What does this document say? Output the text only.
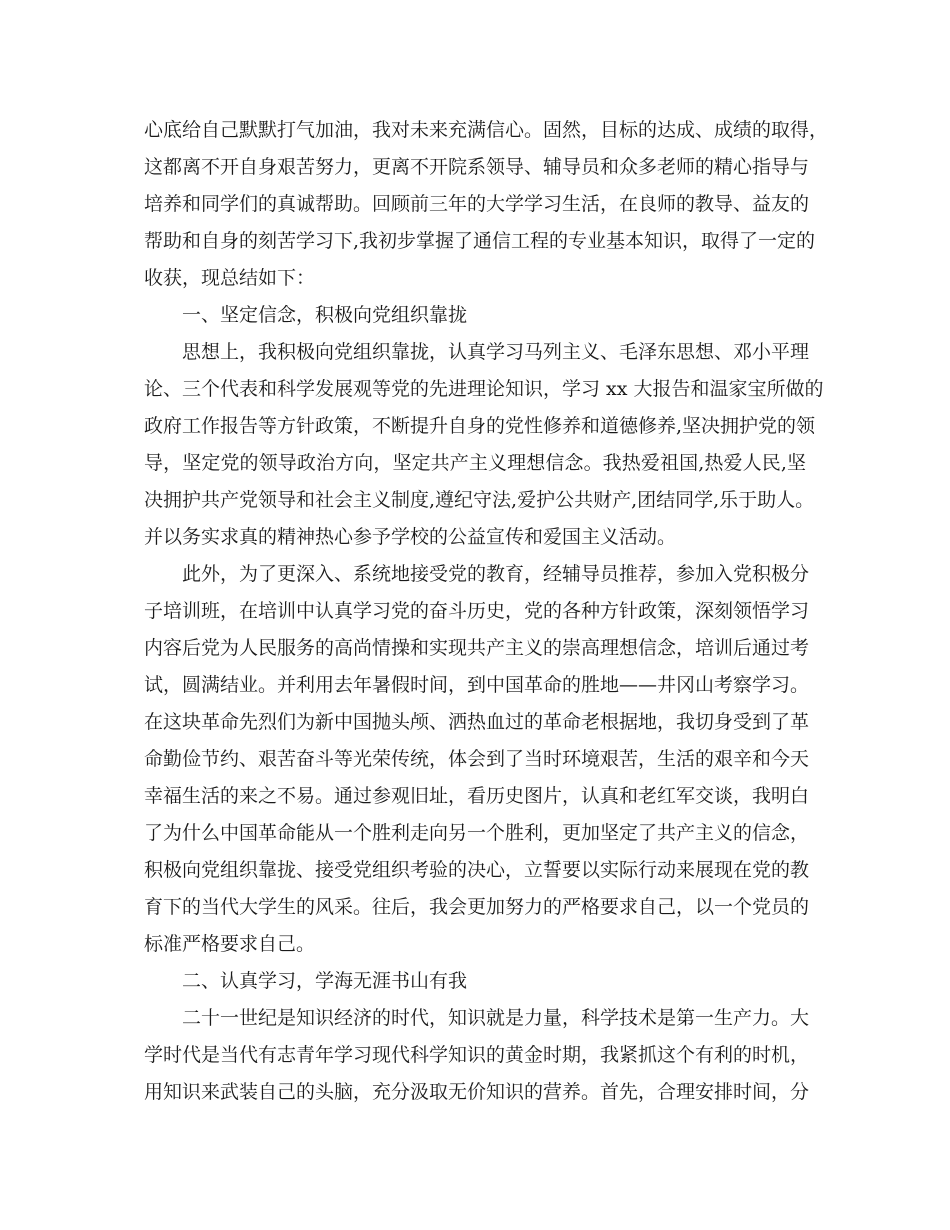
心底给自己默默打气加油，我对未来充满信心。固然，目标的达成、成绩的取得，
这都离不开自身艰苦努力，更离不开院系领导、辅导员和众多老师的精心指导与
培养和同学们的真诚帮助。回顾前三年的大学学习生活，在良师的教导、益友的
帮助和自身的刻苦学习下,我初步掌握了通信工程的专业基本知识，取得了一定的
收获，现总结如下：
一、坚定信念，积极向党组织靠拢
思想上，我积极向党组织靠拢，认真学习马列主义、毛泽东思想、邓小平理
论、三个代表和科学发展观等党的先进理论知识，学习 xx 大报告和温家宝所做的
政府工作报告等方针政策，不断提升自身的党性修养和道德修养,坚决拥护党的领
导，坚定党的领导政治方向，坚定共产主义理想信念。我热爱祖国,热爱人民,坚
决拥护共产党领导和社会主义制度,遵纪守法,爱护公共财产,团结同学,乐于助人。
并以务实求真的精神热心参予学校的公益宣传和爱国主义活动。
此外，为了更深入、系统地接受党的教育，经辅导员推荐，参加入党积极分
子培训班，在培训中认真学习党的奋斗历史，党的各种方针政策，深刻领悟学习
内容后党为人民服务的高尚情操和实现共产主义的崇高理想信念，培训后通过考
试，圆满结业。并利用去年暑假时间，到中国革命的胜地——井冈山考察学习。
在这块革命先烈们为新中国抛头颅、洒热血过的革命老根据地，我切身受到了革
命勤俭节约、艰苦奋斗等光荣传统，体会到了当时环境艰苦，生活的艰辛和今天
幸福生活的来之不易。通过参观旧址，看历史图片，认真和老红军交谈，我明白
了为什么中国革命能从一个胜利走向另一个胜利，更加坚定了共产主义的信念，
积极向党组织靠拢、接受党组织考验的决心，立誓要以实际行动来展现在党的教
育下的当代大学生的风采。往后，我会更加努力的严格要求自己，以一个党员的
标准严格要求自己。
二、认真学习，学海无涯书山有我
二十一世纪是知识经济的时代，知识就是力量，科学技术是第一生产力。大
学时代是当代有志青年学习现代科学知识的黄金时期，我紧抓这个有利的时机，
用知识来武装自己的头脑，充分汲取无价知识的营养。首先，合理安排时间，分
